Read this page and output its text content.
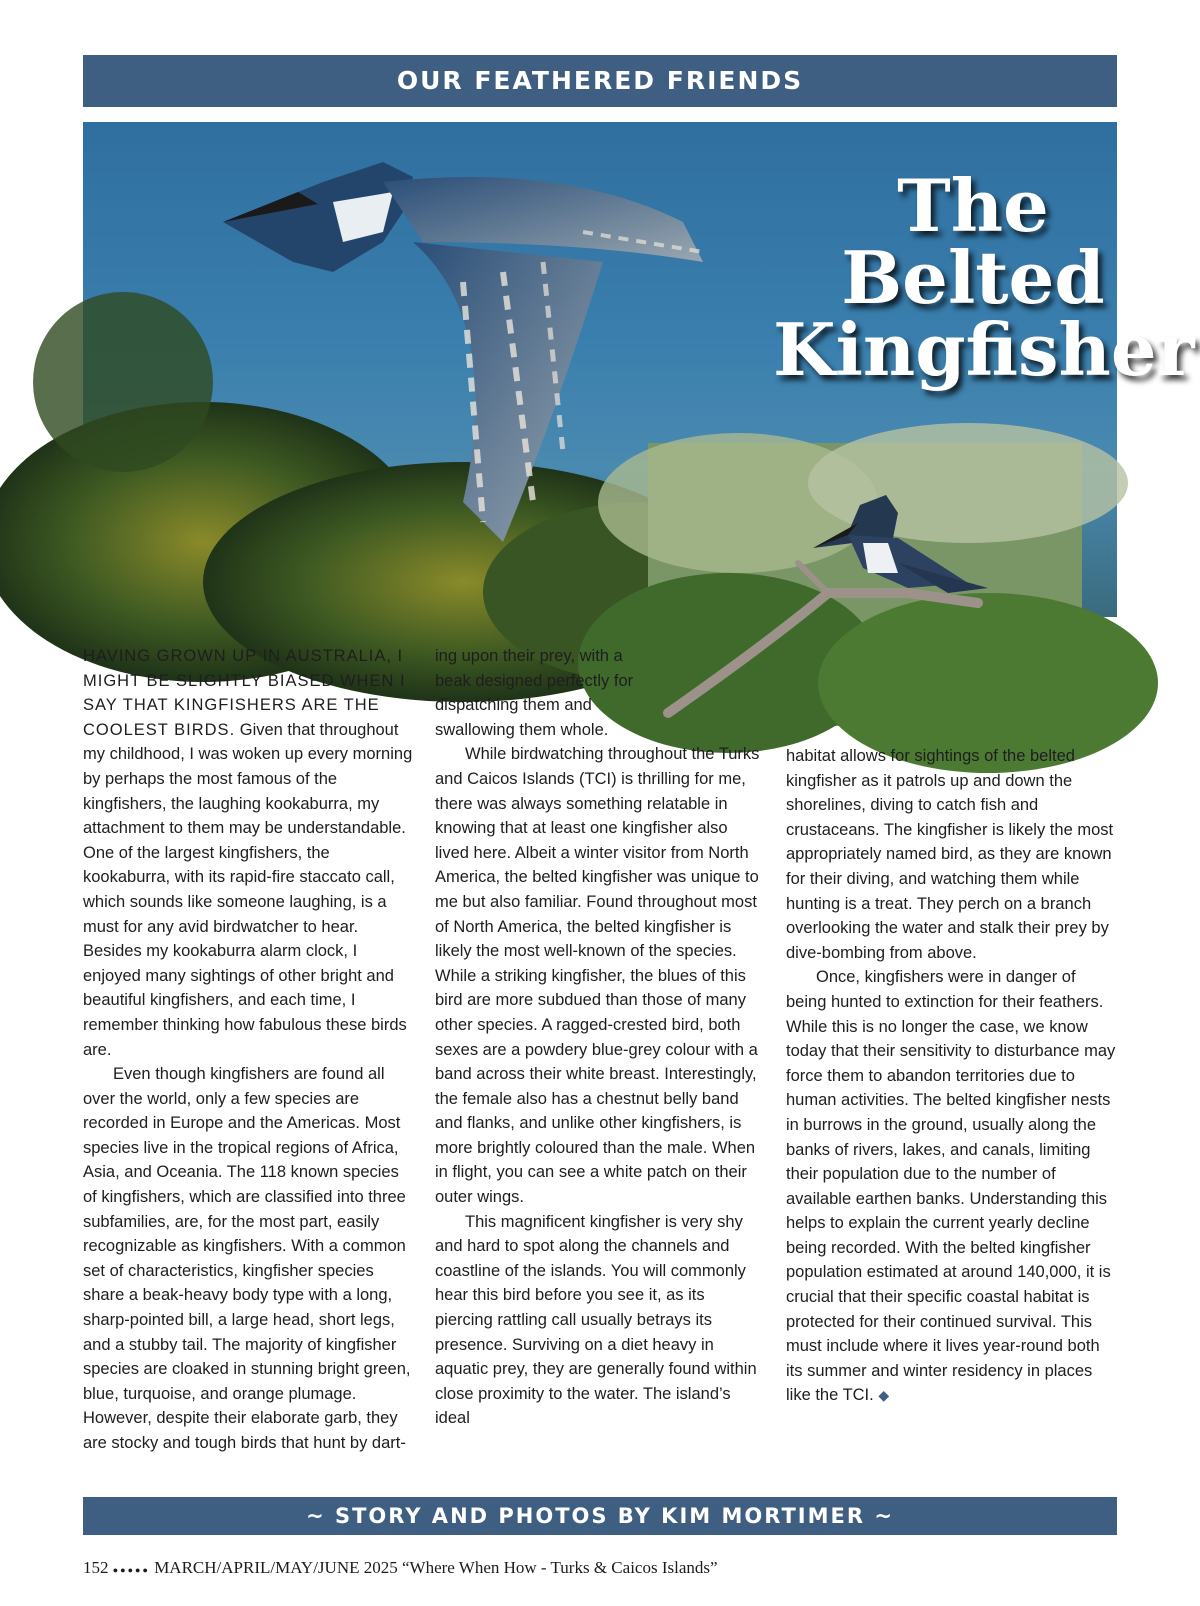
OUR FEATHERED FRIENDS
The
Belted
Kingfisher

HAVING GROWN UP IN AUSTRALIA, I MIGHT BE SLIGHTLY BIASED WHEN I SAY THAT KINGFISHERS ARE THE COOLEST BIRDS. Given that throughout my childhood, I was woken up every morning by perhaps the most famous of the kingfishers, the laughing kookaburra, my attachment to them may be understandable. One of the largest kingfishers, the kookaburra, with its rapid-fire staccato call, which sounds like someone laughing, is a must for any avid birdwatcher to hear. Besides my kookaburra alarm clock, I enjoyed many sightings of other bright and beautiful kingfishers, and each time, I remember thinking how fabulous these birds are.

Even though kingfishers are found all over the world, only a few species are recorded in Europe and the Americas. Most species live in the tropical regions of Africa, Asia, and Oceania. The 118 known species of kingfishers, which are classified into three subfamilies, are, for the most part, easily recognizable as kingfishers. With a common set of characteristics, kingfisher species share a beak-heavy body type with a long, sharp-pointed bill, a large head, short legs, and a stubby tail. The majority of kingfisher species are cloaked in stunning bright green, blue, turquoise, and orange plumage. However, despite their elaborate garb, they are stocky and tough birds that hunt by dart-

ing upon their prey, with a beak designed perfectly for dispatching them and swallowing them whole.

While birdwatching throughout the Turks and Caicos Islands (TCI) is thrilling for me, there was always something relatable in knowing that at least one kingfisher also lived here. Albeit a winter visitor from North America, the belted kingfisher was unique to me but also familiar. Found throughout most of North America, the belted kingfisher is likely the most well-known of the species. While a striking kingfisher, the blues of this bird are more subdued than those of many other species. A ragged-crested bird, both sexes are a powdery blue-grey colour with a band across their white breast. Interestingly, the female also has a chestnut belly band and flanks, and unlike other kingfishers, is more brightly coloured than the male. When in flight, you can see a white patch on their outer wings.

This magnificent kingfisher is very shy and hard to spot along the channels and coastline of the islands. You will commonly hear this bird before you see it, as its piercing rattling call usually betrays its presence. Surviving on a diet heavy in aquatic prey, they are generally found within close proximity to the water. The island’s ideal

habitat allows for sightings of the belted kingfisher as it patrols up and down the shorelines, diving to catch fish and crustaceans. The kingfisher is likely the most appropriately named bird, as they are known for their diving, and watching them while hunting is a treat. They perch on a branch overlooking the water and stalk their prey by dive-bombing from above.

Once, kingfishers were in danger of being hunted to extinction for their feathers. While this is no longer the case, we know today that their sensitivity to disturbance may force them to abandon territories due to human activities. The belted kingfisher nests in burrows in the ground, usually along the banks of rivers, lakes, and canals, limiting their population due to the number of available earthen banks. Understanding this helps to explain the current yearly decline being recorded. With the belted kingfisher population estimated at around 140,000, it is crucial that their specific coastal habitat is protected for their continued survival. This must include where it lives year-round both its summer and winter residency in places like the TCI. ◆

~ STORY AND PHOTOS BY KIM MORTIMER ~
152 ●●●●● MARCH/APRIL/MAY/JUNE 2025 “Where When How - Turks & Caicos Islands”
